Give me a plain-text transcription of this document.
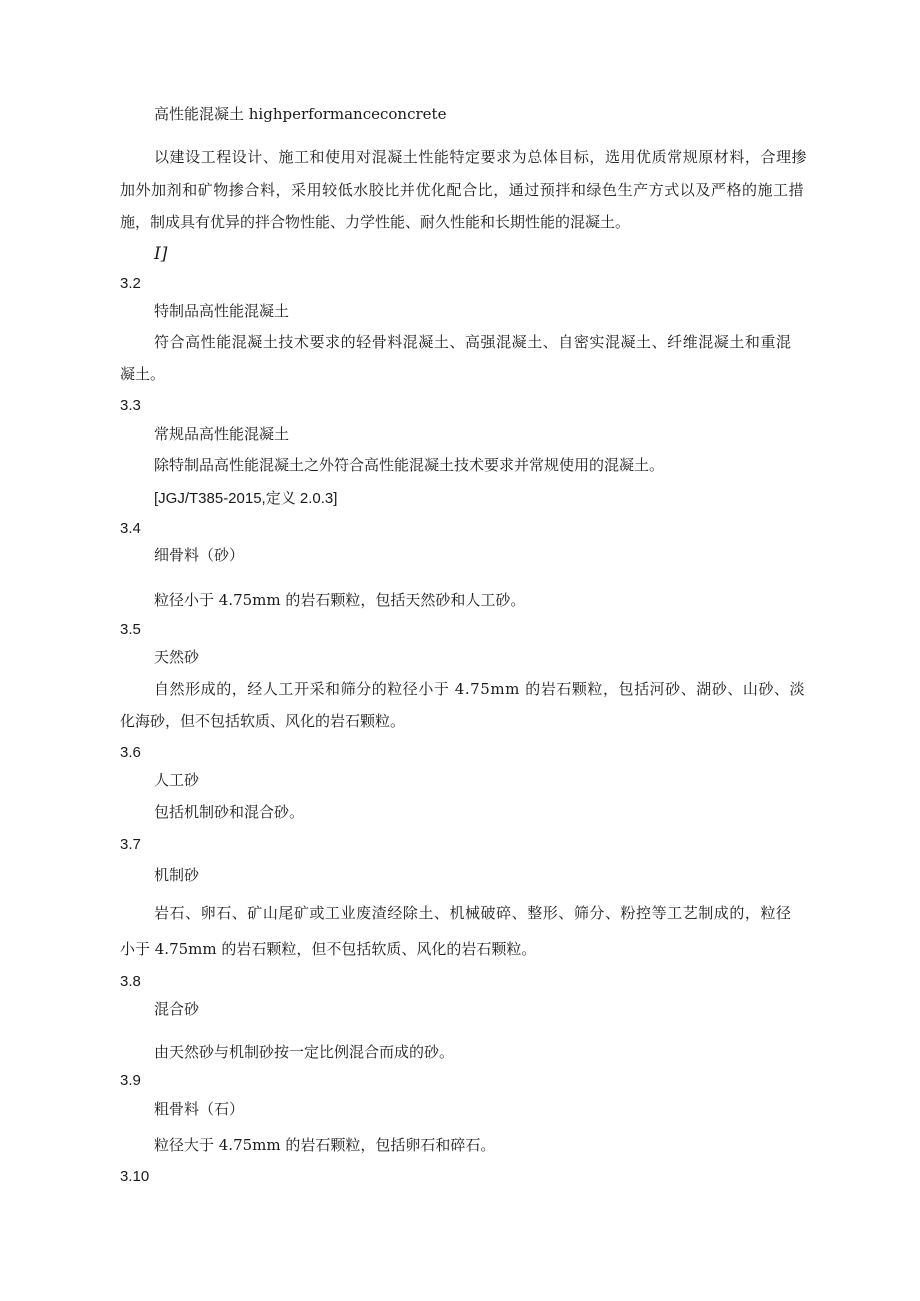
高性能混凝土 highperformanceconcrete
以建设工程设计、施工和使用对混凝土性能特定要求为总体目标，选用优质常规原材料，合理掺
加外加剂和矿物掺合料，采用较低水胶比并优化配合比，通过预拌和绿色生产方式以及严格的施工措
施，制成具有优异的拌合物性能、力学性能、耐久性能和长期性能的混凝土。
I]
3.2
特制品高性能混凝土
符合高性能混凝土技术要求的轻骨料混凝土、高强混凝土、自密实混凝土、纤维混凝土和重混
凝土。
3.3
常规品高性能混凝土
除特制品高性能混凝土之外符合高性能混凝土技术要求并常规使用的混凝土。
[JGJ/T385-2015,定义 2.0.3]
3.4
细骨料（砂）
粒径小于 4.75mm 的岩石颗粒，包括天然砂和人工砂。
3.5
天然砂
自然形成的，经人工开采和筛分的粒径小于 4.75mm 的岩石颗粒，包括河砂、湖砂、山砂、淡
化海砂，但不包括软质、风化的岩石颗粒。
3.6
人工砂
包括机制砂和混合砂。
3.7
机制砂
岩石、卵石、矿山尾矿或工业废渣经除土、机械破碎、整形、筛分、粉控等工艺制成的，粒径
小于 4.75mm 的岩石颗粒，但不包括软质、风化的岩石颗粒。
3.8
混合砂
由天然砂与机制砂按一定比例混合而成的砂。
3.9
粗骨料（石）
粒径大于 4.75mm 的岩石颗粒，包括卵石和碎石。
3.10
